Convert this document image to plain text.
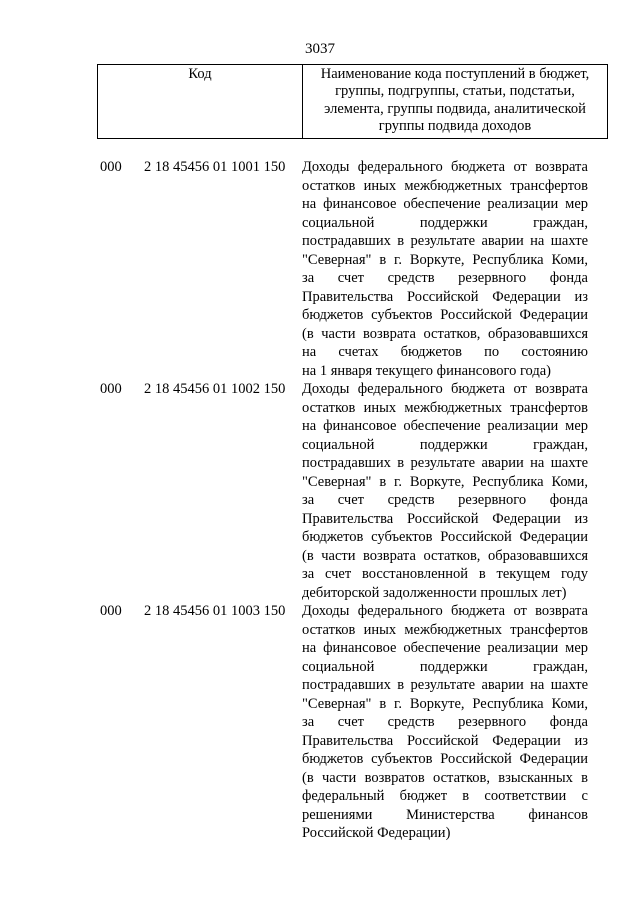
3037
Код	Наименование кода поступлений в бюджет,
группы, подгруппы, статьи, подстатьи,
элемента, группы подвида, аналитической
группы подвида доходов
000 2 18 45456 01 1001 150 Доходы федерального бюджета от возврата
остатков иных межбюджетных трансфертов
на финансовое обеспечение реализации мер
социальной поддержки граждан,
пострадавших в результате аварии на шахте
"Северная" в г. Воркуте, Республика Коми,
за счет средств резервного фонда
Правительства Российской Федерации из
бюджетов субъектов Российской Федерации
(в части возврата остатков, образовавшихся
на счетах бюджетов по состоянию
на 1 января текущего финансового года)
000 2 18 45456 01 1002 150 Доходы федерального бюджета от возврата
остатков иных межбюджетных трансфертов
на финансовое обеспечение реализации мер
социальной поддержки граждан,
пострадавших в результате аварии на шахте
"Северная" в г. Воркуте, Республика Коми,
за счет средств резервного фонда
Правительства Российской Федерации из
бюджетов субъектов Российской Федерации
(в части возврата остатков, образовавшихся
за счет восстановленной в текущем году
дебиторской задолженности прошлых лет)
000 2 18 45456 01 1003 150 Доходы федерального бюджета от возврата
остатков иных межбюджетных трансфертов
на финансовое обеспечение реализации мер
социальной поддержки граждан,
пострадавших в результате аварии на шахте
"Северная" в г. Воркуте, Республика Коми,
за счет средств резервного фонда
Правительства Российской Федерации из
бюджетов субъектов Российской Федерации
(в части возвратов остатков, взысканных в
федеральный бюджет в соответствии с
решениями Министерства финансов
Российской Федерации)
